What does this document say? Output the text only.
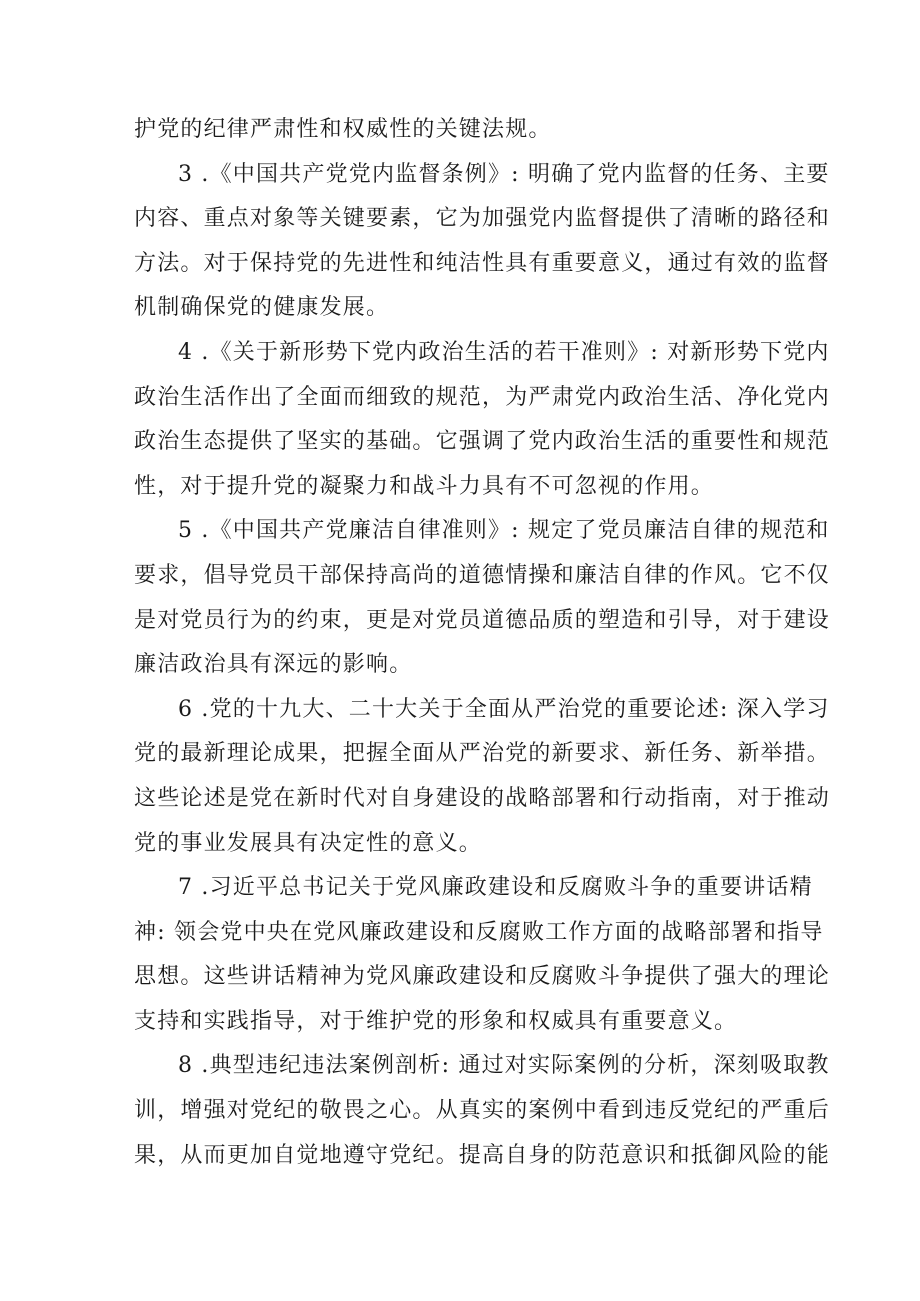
护党的纪律严肃性和权威性的关键法规。
3 .《中国共产党党内监督条例》: 明确了党内监督的任务、主要
内容、重点对象等关键要素，它为加强党内监督提供了清晰的路径和
方法。对于保持党的先进性和纯洁性具有重要意义，通过有效的监督
机制确保党的健康发展。
4 .《关于新形势下党内政治生活的若干准则》: 对新形势下党内
政治生活作出了全面而细致的规范，为严肃党内政治生活、净化党内
政治生态提供了坚实的基础。它强调了党内政治生活的重要性和规范
性，对于提升党的凝聚力和战斗力具有不可忽视的作用。
5 .《中国共产党廉洁自律准则》: 规定了党员廉洁自律的规范和
要求，倡导党员干部保持高尚的道德情操和廉洁自律的作风。它不仅
是对党员行为的约束，更是对党员道德品质的塑造和引导，对于建设
廉洁政治具有深远的影响。
6 .党的十九大、二十大关于全面从严治党的重要论述: 深入学习
党的最新理论成果，把握全面从严治党的新要求、新任务、新举措。
这些论述是党在新时代对自身建设的战略部署和行动指南，对于推动
党的事业发展具有决定性的意义。
7 .习近平总书记关于党风廉政建设和反腐败斗争的重要讲话精
神: 领会党中央在党风廉政建设和反腐败工作方面的战略部署和指导
思想。这些讲话精神为党风廉政建设和反腐败斗争提供了强大的理论
支持和实践指导，对于维护党的形象和权威具有重要意义。
8 .典型违纪违法案例剖析: 通过对实际案例的分析，深刻吸取教
训，增强对党纪的敬畏之心。从真实的案例中看到违反党纪的严重后
果，从而更加自觉地遵守党纪。提高自身的防范意识和抵御风险的能
